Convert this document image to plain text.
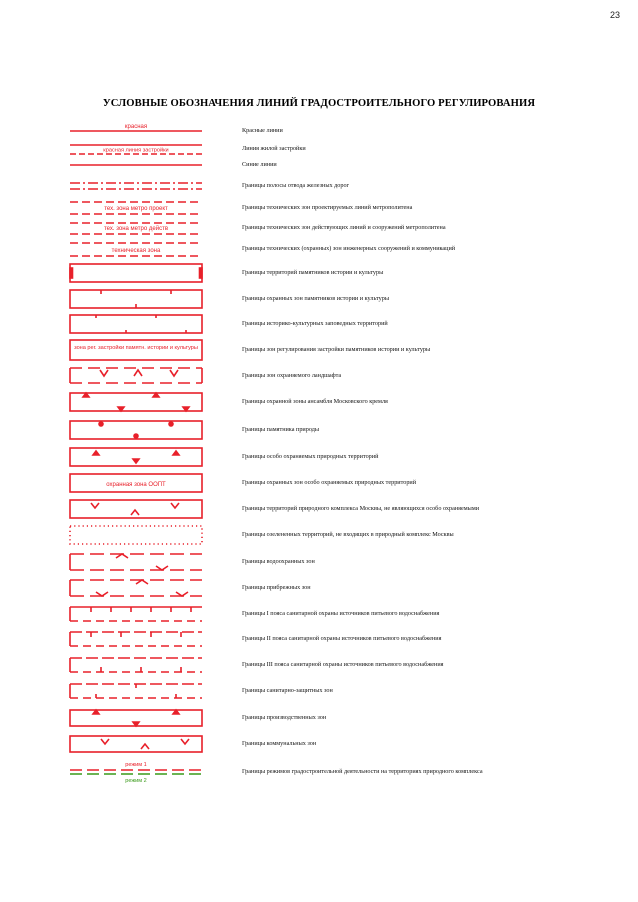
23
УСЛОВНЫЕ ОБОЗНАЧЕНИЯ ЛИНИЙ ГРАДОСТРОИТЕЛЬНОГО РЕГУЛИРОВАНИЯ
красная
красная линия застройки
тех. зона метро проект
тех. зона метро действ
техническая зона
зона рег. застройки памятн. истории и культуры
охранная зона ООПТ
режим 1
режим 2
Красные линии
Линия жилой застройки
Синие линии
Границы полосы отвода железных дорог
Границы технических зон проектируемых линий метрополитена
Границы технических зон действующих линий и сооружений метрополитена
Границы технических (охранных) зон инженерных сооружений и коммуникаций
Границы территорий памятников истории и культуры
Границы охранных зон памятников истории и культуры
Границы историко-культурных заповедных территорий
Границы зон регулирования застройки памятников истории и культуры
Границы зон охраняемого ландшафта
Границы охранной зоны ансамбля Московского кремля
Границы памятника природы
Границы особо охраняемых природных территорий
Границы охранных зон особо охраняемых природных территорий
Границы территорий природного комплекса Москвы, не являющихся особо охраняемыми
Границы озелененных территорий, не входящих в природный комплекс Москвы
Границы водоохранных зон
Границы прибрежных зон
Границы I пояса санитарной охраны источников питьевого водоснабжения
Границы II пояса санитарной охраны источников питьевого водоснабжения
Границы III пояса санитарной охраны источников питьевого водоснабжения
Границы санитарно-защитных зон
Границы производственных зон
Границы коммунальных зон
Границы режимов градостроительной деятельности на территориях природного комплекса
